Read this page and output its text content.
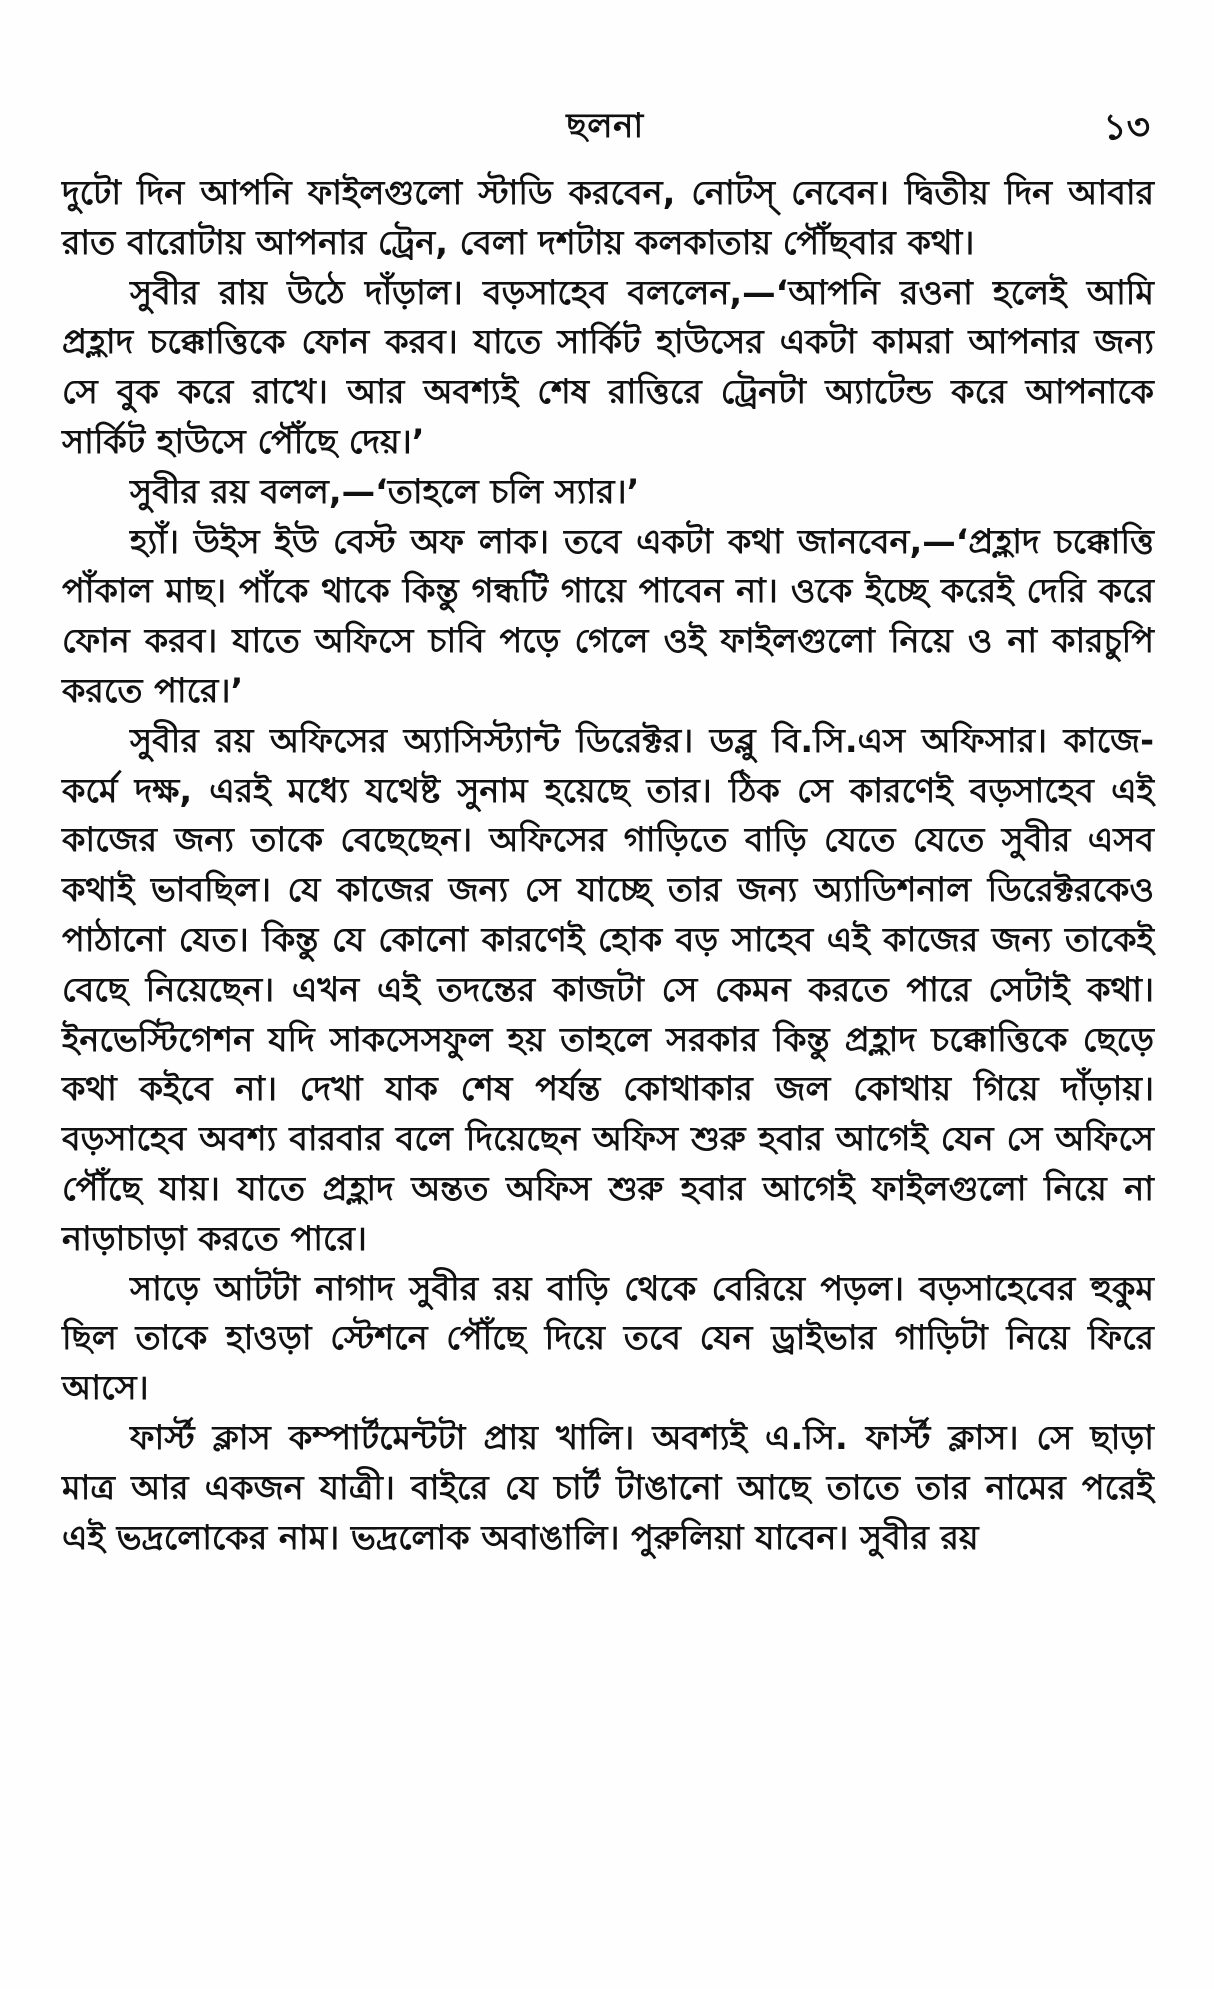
ছলনা	১৩

দুটো দিন আপনি ফাইলগুলো স্টাডি করবেন, নোটস্ নেবেন। দ্বিতীয় দিন আবার রাত বারোটায় আপনার ট্রেন, বেলা দশটায় কলকাতায় পৌঁছবার কথা।

সুবীর রায় উঠে দাঁড়াল। বড়সাহেব বললেন,—‘আপনি রওনা হলেই আমি প্রহ্লাদ চক্কোত্তিকে ফোন করব। যাতে সার্কিট হাউসের একটা কামরা আপনার জন্য সে বুক করে রাখে। আর অবশ্যই শেষ রাত্তিরে ট্রেনটা অ্যাটেন্ড করে আপনাকে সার্কিট হাউসে পৌঁছে দেয়।’

সুবীর রয় বলল,—‘তাহলে চলি স্যার।’

হ্যাঁ। উইস ইউ বেস্ট অফ লাক। তবে একটা কথা জানবেন,—‘প্রহ্লাদ চক্কোত্তি পাঁকাল মাছ। পাঁকে থাকে কিন্তু গন্ধটি গায়ে পাবেন না। ওকে ইচ্ছে করেই দেরি করে ফোন করব। যাতে অফিসে চাবি পড়ে গেলে ওই ফাইলগুলো নিয়ে ও না কারচুপি করতে পারে।’

সুবীর রয় অফিসের অ্যাসিস্ট্যান্ট ডিরেক্টর। ডব্লু বি.সি.এস অফিসার। কাজে-কর্মে দক্ষ, এরই মধ্যে যথেষ্ট সুনাম হয়েছে তার। ঠিক সে কারণেই বড়সাহেব এই কাজের জন্য তাকে বেছেছেন। অফিসের গাড়িতে বাড়ি যেতে যেতে সুবীর এসব কথাই ভাবছিল। যে কাজের জন্য সে যাচ্ছে তার জন্য অ্যাডিশনাল ডিরেক্টরকেও পাঠানো যেত। কিন্তু যে কোনো কারণেই হোক বড় সাহেব এই কাজের জন্য তাকেই বেছে নিয়েছেন। এখন এই তদন্তের কাজটা সে কেমন করতে পারে সেটাই কথা। ইনভেস্টিগেশন যদি সাকসেসফুল হয় তাহলে সরকার কিন্তু প্রহ্লাদ চক্কোত্তিকে ছেড়ে কথা কইবে না। দেখা যাক শেষ পর্যন্ত কোথাকার জল কোথায় গিয়ে দাঁড়ায়। বড়সাহেব অবশ্য বারবার বলে দিয়েছেন অফিস শুরু হবার আগেই যেন সে অফিসে পৌঁছে যায়। যাতে প্রহ্লাদ অন্তত অফিস শুরু হবার আগেই ফাইলগুলো নিয়ে না নাড়াচাড়া করতে পারে।

সাড়ে আটটা নাগাদ সুবীর রয় বাড়ি থেকে বেরিয়ে পড়ল। বড়সাহেবের হুকুম ছিল তাকে হাওড়া স্টেশনে পৌঁছে দিয়ে তবে যেন ড্রাইভার গাড়িটা নিয়ে ফিরে আসে।

ফার্স্ট ক্লাস কম্পার্টমেন্টটা প্রায় খালি। অবশ্যই এ.সি. ফার্স্ট ক্লাস। সে ছাড়া মাত্র আর একজন যাত্রী। বাইরে যে চার্ট টাঙানো আছে তাতে তার নামের পরেই এই ভদ্রলোকের নাম। ভদ্রলোক অবাঙালি। পুরুলিয়া যাবেন। সুবীর রয়
